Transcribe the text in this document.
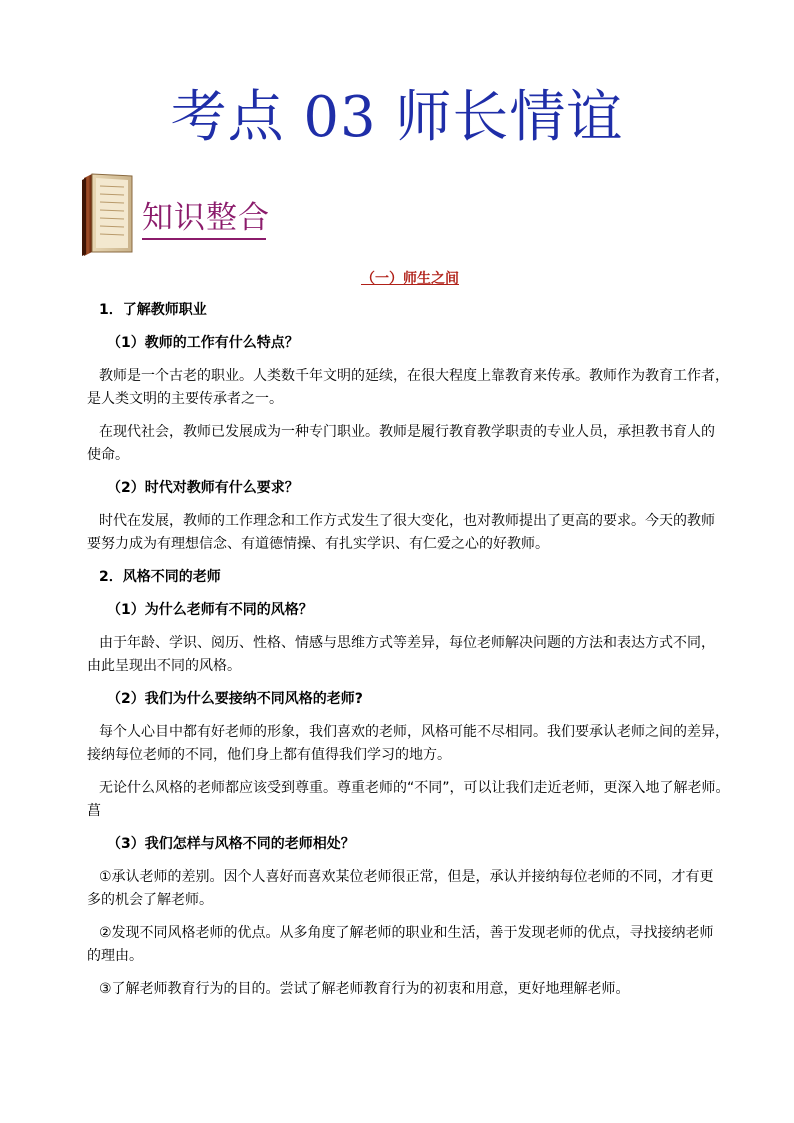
考点 03 师长情谊
知识整合
（一）师生之间
1．了解教师职业
（1）教师的工作有什么特点？
教师是一个古老的职业。人类数千年文明的延续，在很大程度上靠教育来传承。教师作为教育工作者，
是人类文明的主要传承者之一。
在现代社会，教师已发展成为一种专门职业。教师是履行教育教学职责的专业人员，承担教书育人的
使命。
（2）时代对教师有什么要求？
时代在发展，教师的工作理念和工作方式发生了很大变化，也对教师提出了更高的要求。今天的教师
要努力成为有理想信念、有道德情操、有扎实学识、有仁爱之心的好教师。
2．风格不同的老师
（1）为什么老师有不同的风格？
由于年龄、学识、阅历、性格、情感与思维方式等差异，每位老师解决问题的方法和表达方式不同，
由此呈现出不同的风格。
（2）我们为什么要接纳不同风格的老师?
每个人心目中都有好老师的形象，我们喜欢的老师，风格可能不尽相同。我们要承认老师之间的差异，
接纳每位老师的不同，他们身上都有值得我们学习的地方。
无论什么风格的老师都应该受到尊重。尊重老师的“不同”，可以让我们走近老师，更深入地了解老师。
菖
（3）我们怎样与风格不同的老师相处？
①承认老师的差别。因个人喜好而喜欢某位老师很正常，但是，承认并接纳每位老师的不同，才有更
多的机会了解老师。
②发现不同风格老师的优点。从多角度了解老师的职业和生活，善于发现老师的优点，寻找接纳老师
的理由。
③了解老师教育行为的目的。尝试了解老师教育行为的初衷和用意，更好地理解老师。
